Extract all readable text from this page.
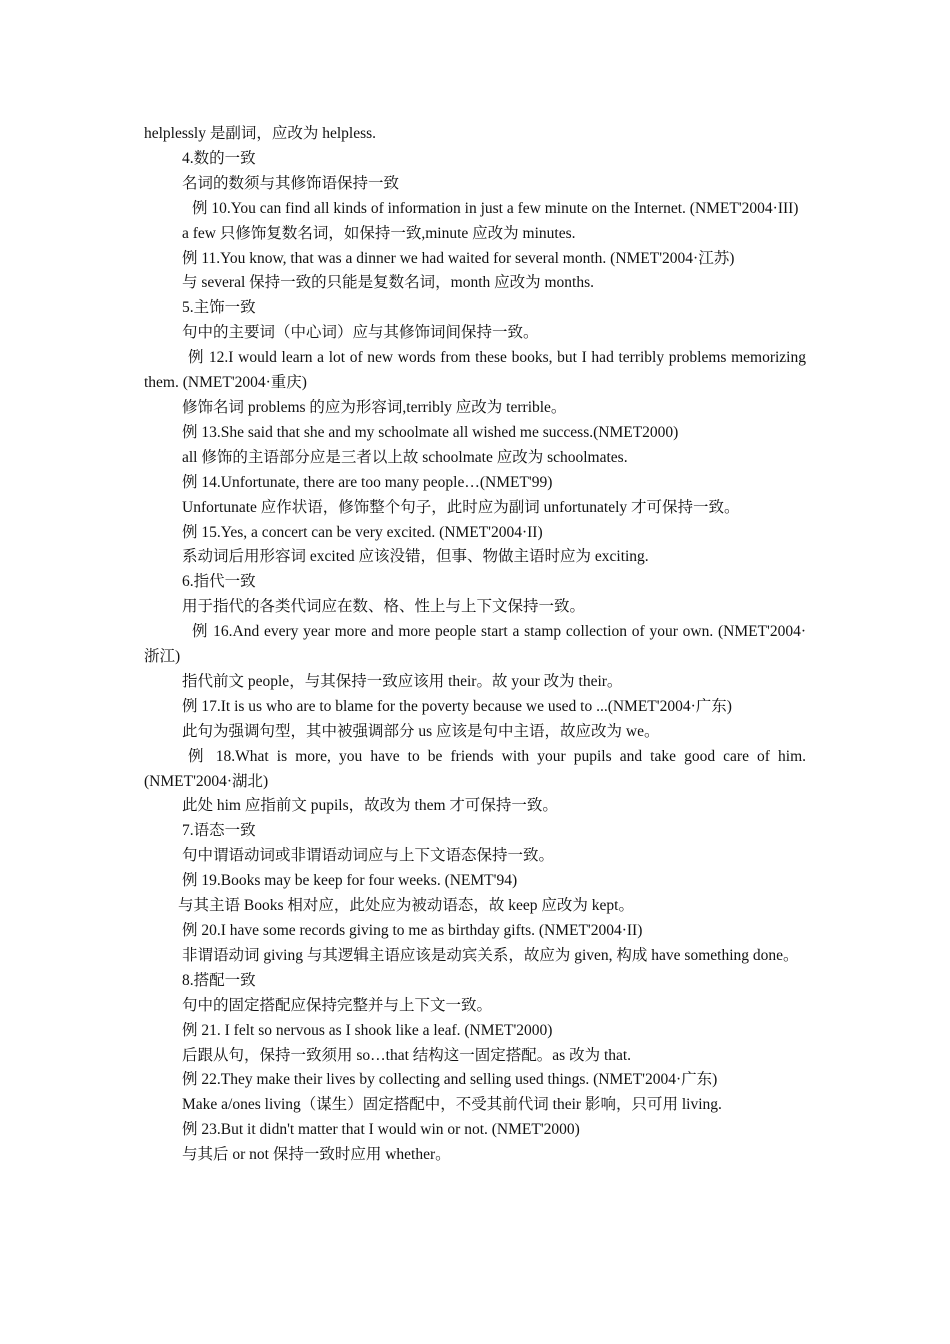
helplessly 是副词，应改为 helpless.

4.数的一致

名词的数须与其修饰语保持一致

例 10.You can find all kinds of information in just a few minute on the Internet. (NMET'2004·III)

a few 只修饰复数名词，如保持一致,minute 应改为 minutes.

例 11.You know, that was a dinner we had waited for several month. (NMET'2004·江苏)

与 several 保持一致的只能是复数名词，month 应改为 months.

5.主饰一致

句中的主要词（中心词）应与其修饰词间保持一致。

例 12.I would learn a lot of new words from these books, but I had terribly problems memorizing them. (NMET'2004·重庆)

修饰名词 problems 的应为形容词,terribly 应改为 terrible。

例 13.She said that she and my schoolmate all wished me success.(NMET2000)

all 修饰的主语部分应是三者以上故 schoolmate 应改为 schoolmates.

例 14.Unfortunate, there are too many people…(NMET'99)

Unfortunate 应作状语，修饰整个句子，此时应为副词 unfortunately 才可保持一致。

例 15.Yes, a concert can be very excited. (NMET'2004·II)

系动词后用形容词 excited 应该没错，但事、物做主语时应为 exciting.

6.指代一致

用于指代的各类代词应在数、格、性上与上下文保持一致。

例 16.And every year more and more people start a stamp collection of your own. (NMET'2004·浙江)

指代前文 people，与其保持一致应该用 their。故 your 改为 their。

例 17.It is us who are to blame for the poverty because we used to ...(NMET'2004·广东)

此句为强调句型，其中被强调部分 us 应该是句中主语，故应改为 we。

例 18.What is more, you have to be friends with your pupils and take good care of him. (NMET'2004·湖北)

此处 him 应指前文 pupils，故改为 them 才可保持一致。

7.语态一致

句中谓语动词或非谓语动词应与上下文语态保持一致。

例 19.Books may be keep for four weeks. (NEMT'94)

与其主语 Books 相对应，此处应为被动语态，故 keep 应改为 kept。

例 20.I have some records giving to me as birthday gifts. (NMET'2004·II)

非谓语动词 giving 与其逻辑主语应该是动宾关系，故应为 given, 构成 have something done。

8.搭配一致

句中的固定搭配应保持完整并与上下文一致。

例 21. I felt so nervous as I shook like a leaf. (NMET'2000)

后跟从句，保持一致须用 so…that 结构这一固定搭配。as 改为 that.

例 22.They make their lives by collecting and selling used things. (NMET'2004·广东)

Make a/ones living（谋生）固定搭配中，不受其前代词 their 影响，只可用 living.

例 23.But it didn't matter that I would win or not. (NMET'2000)

与其后 or not 保持一致时应用 whether。
